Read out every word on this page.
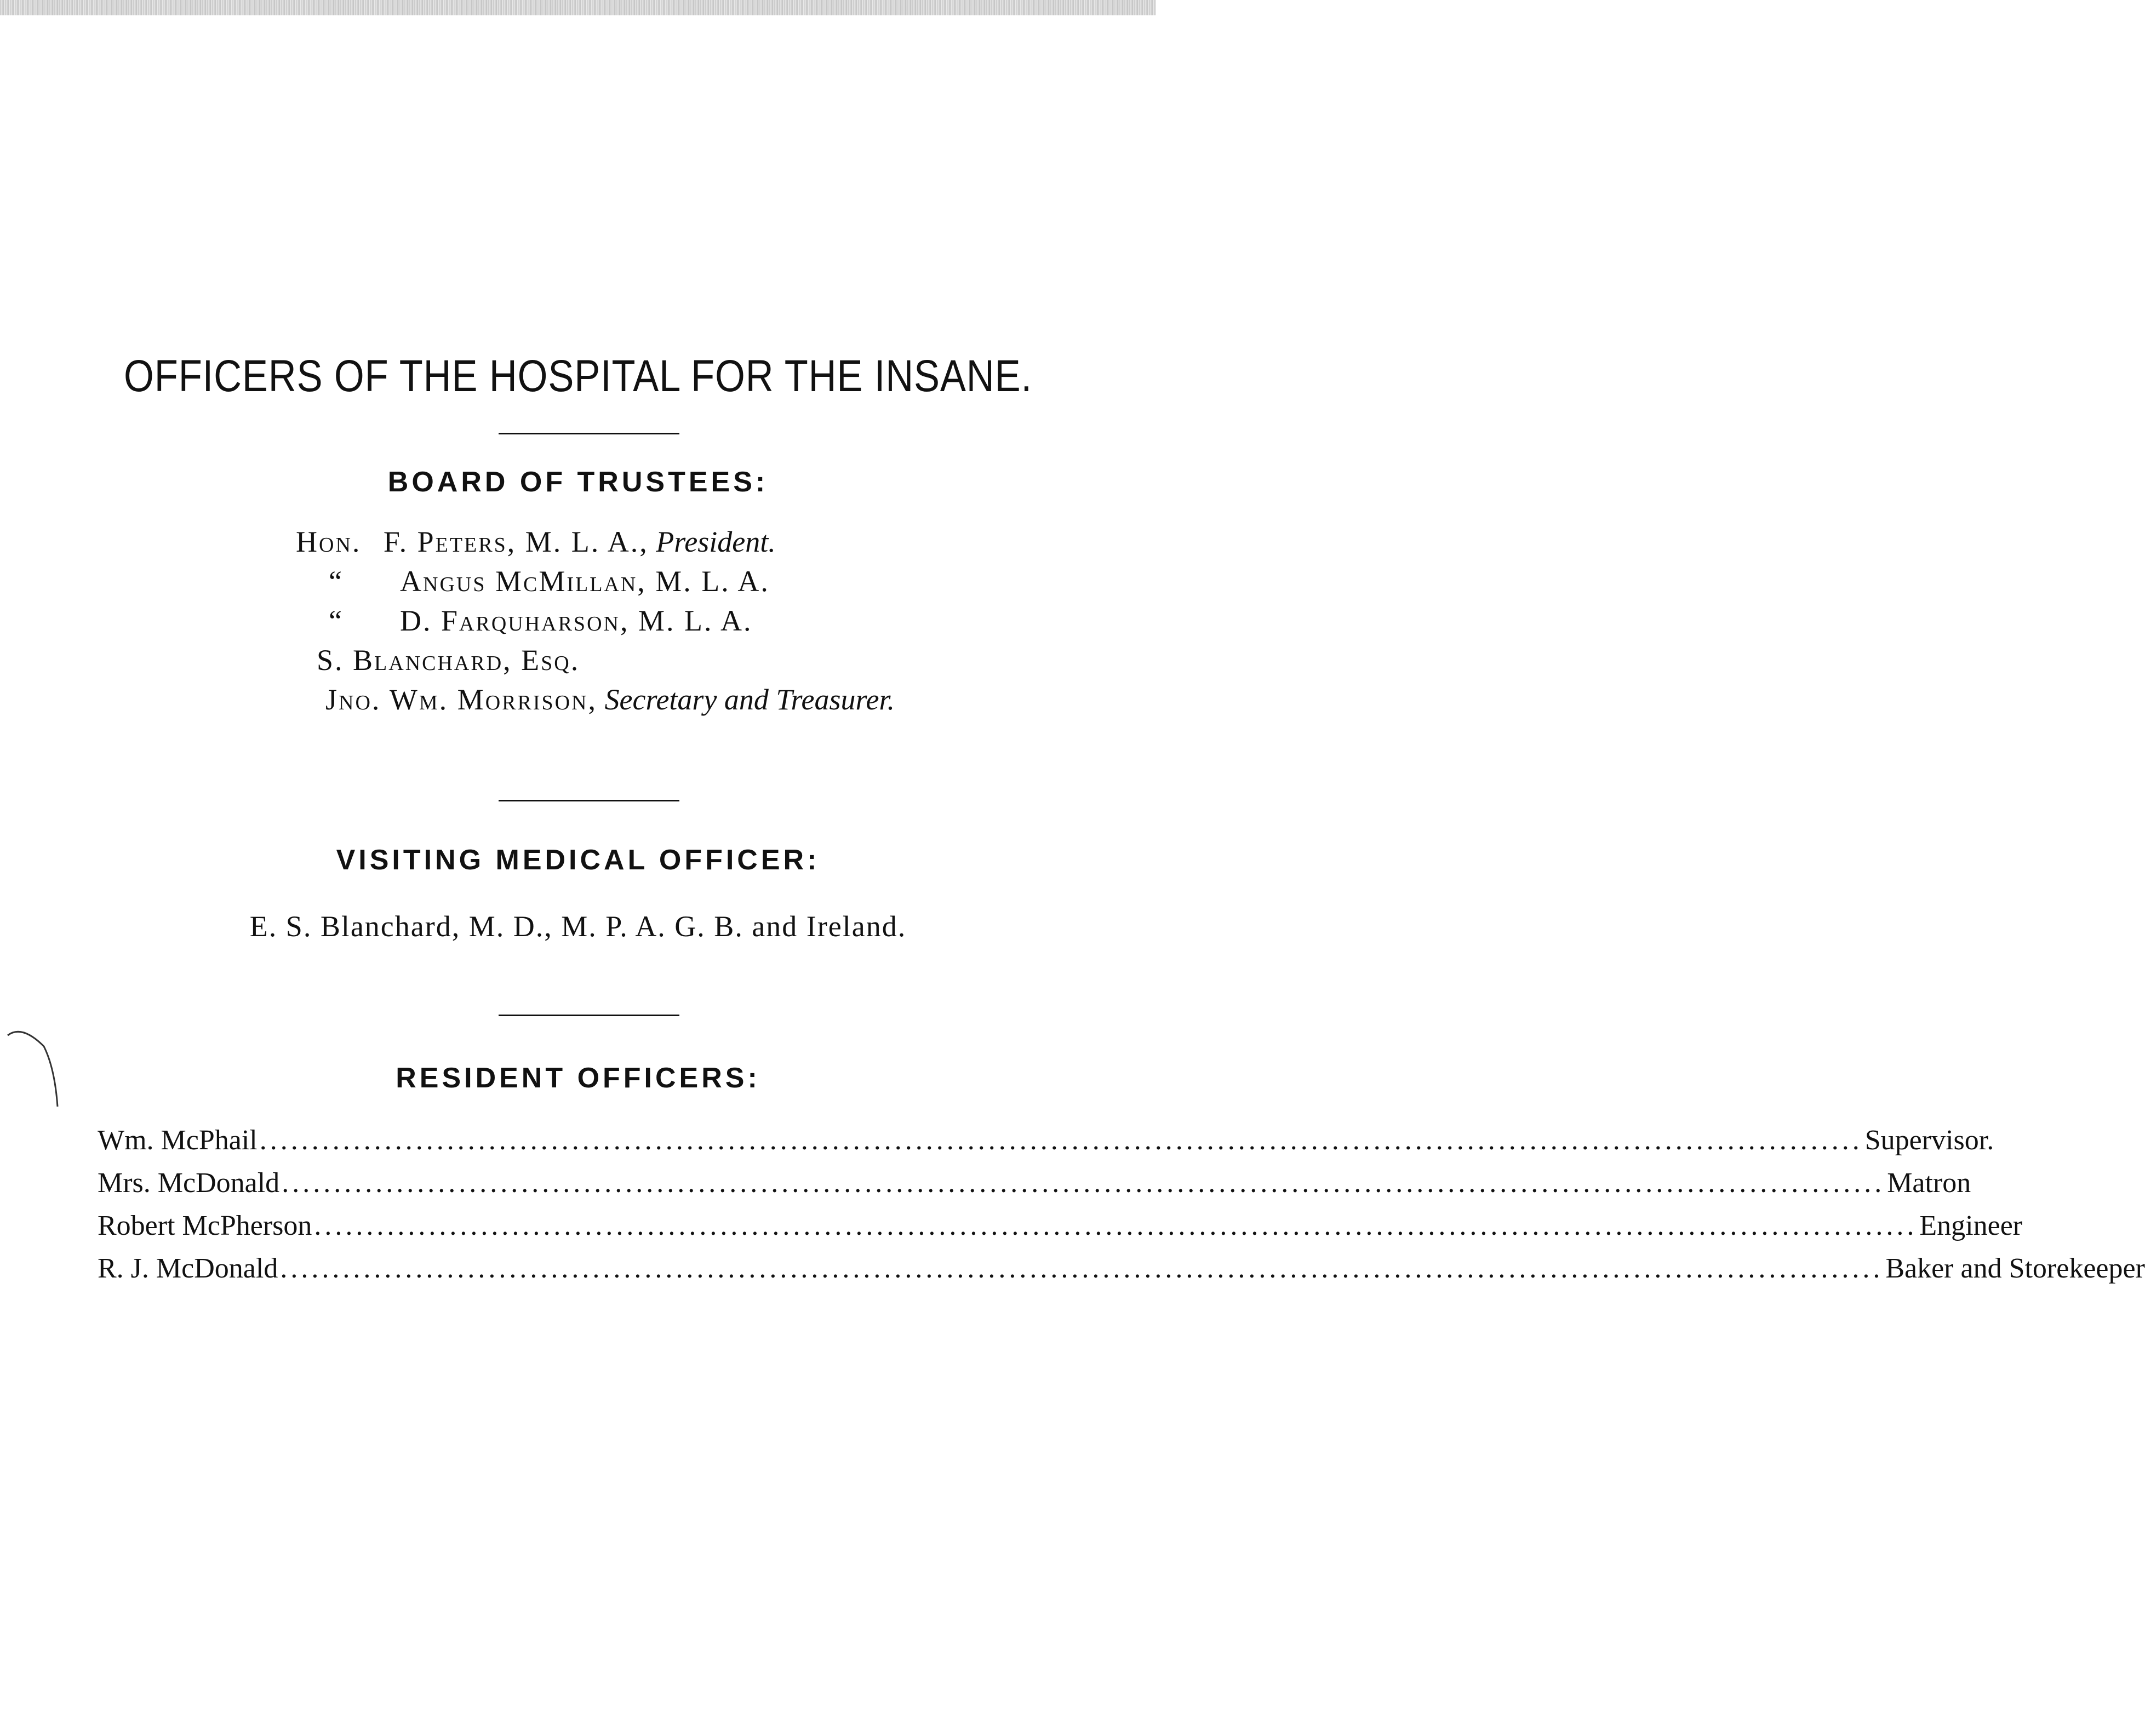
OFFICERS OF THE HOSPITAL FOR THE INSANE.
BOARD OF TRUSTEES:
Hon. F. Peters, M. L. A., President.
“ Angus McMillan, M. L. A.
“ D. Farquharson, M. L. A.
S. Blanchard, Esq.
Jno. Wm. Morrison, Secretary and Treasurer.
VISITING MEDICAL OFFICER:
E. S. Blanchard, M. D., M. P. A. G. B. and Ireland.
RESIDENT OFFICERS:
Wm. McPhail .......................................................................................................................................................... Supervisor.
Mrs. McDonald .......................................................................................................................................................... Matron
Robert McPherson .......................................................................................................................................................... Engineer
R. J. McDonald .......................................................................................................................................................... Baker and Storekeeper
